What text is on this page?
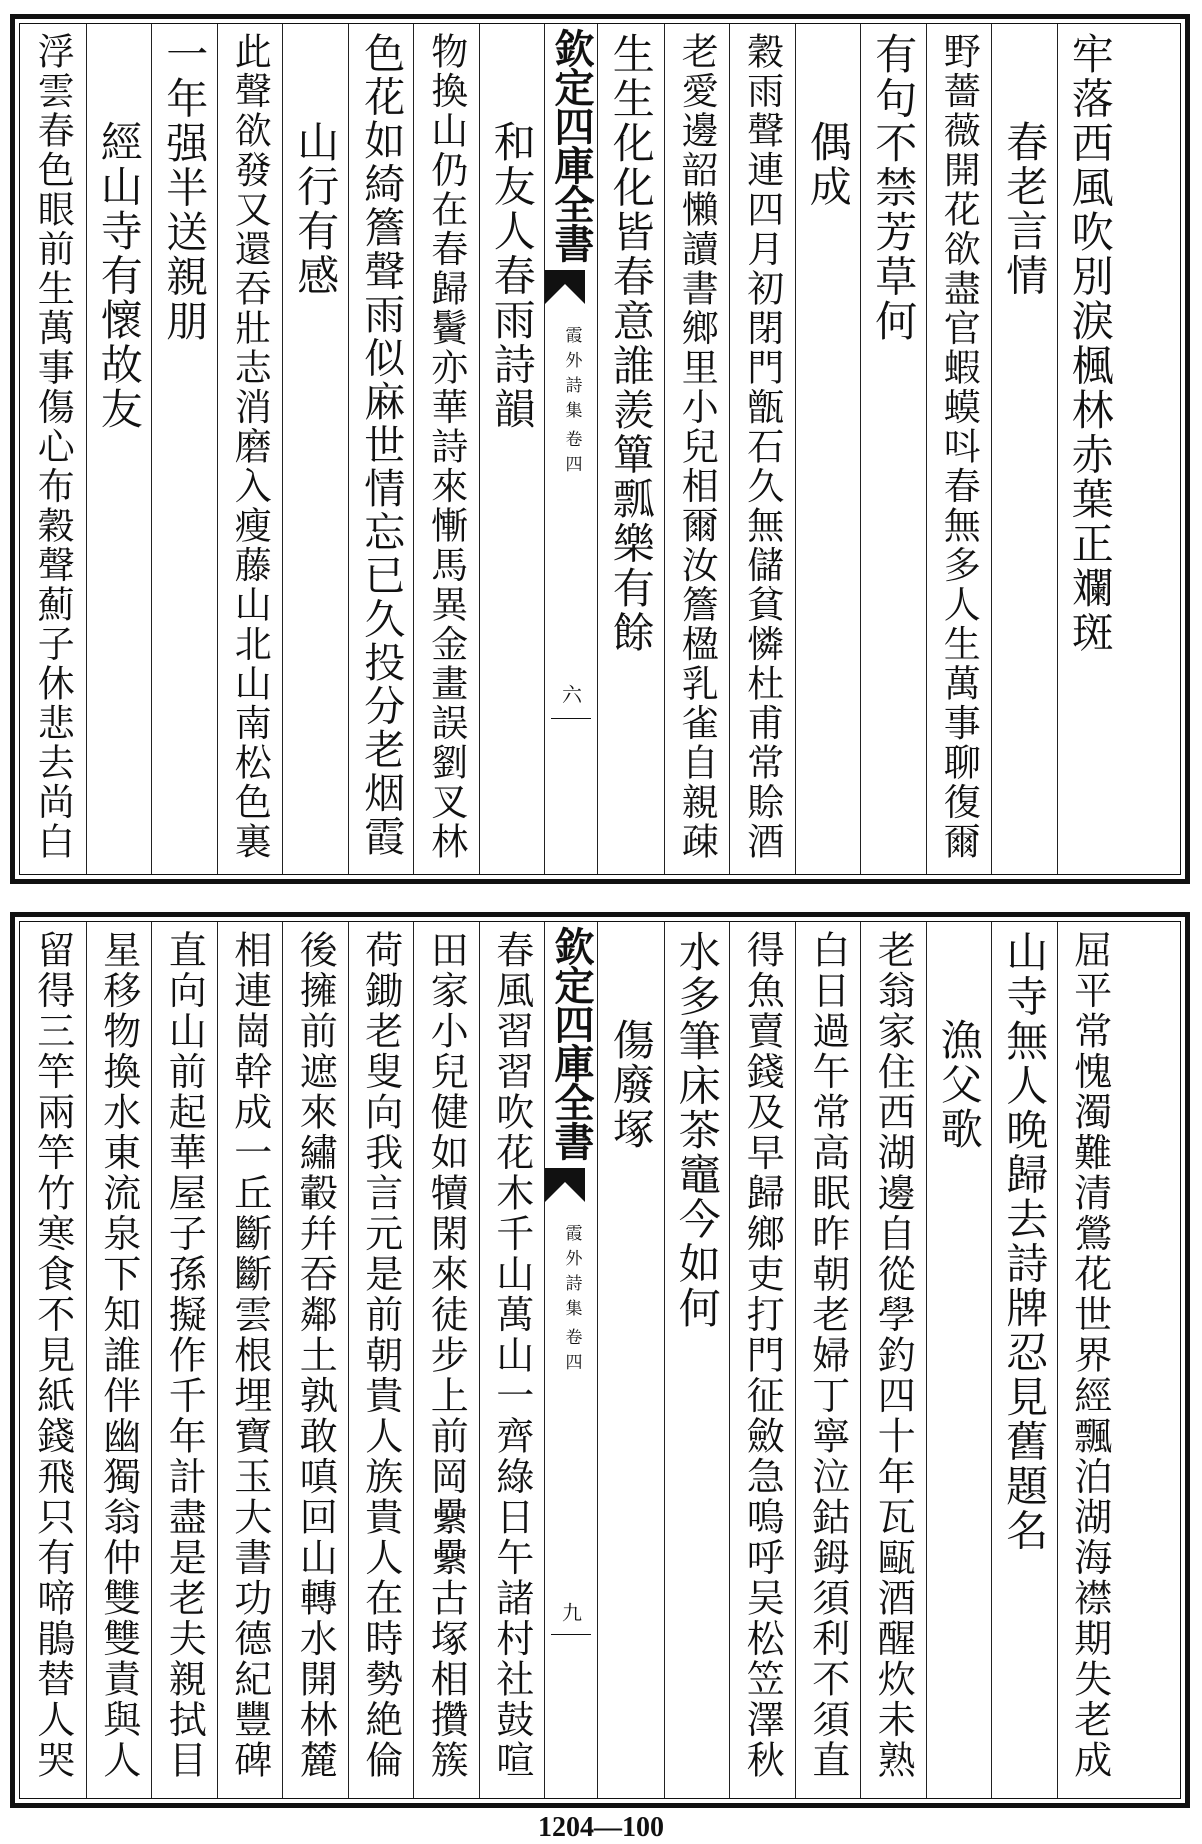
牢落西風吹別淚楓林赤葉正斕斑
春老言情
野薔薇開花欲盡官蝦蟆呌春無多人生萬事聊復爾
有句不禁芳草何
偶成
穀雨聲連四月初閉門甑石久無儲貧憐杜甫常賒酒
老愛邊韶懶讀書鄉里小兒相爾汝簷楹乳雀自親疎
生生化化皆春意誰羨簞瓢樂有餘
欽定四庫全書
霞外詩集
卷四
六
和友人春雨詩韻
物換山仍在春歸鬢亦華詩來慚馬異金畫誤劉叉林
色花如綺簷聲雨似麻世情忘已久投分老烟霞
山行有感
此聲欲發又還吞壯志消磨入瘦藤山北山南松色裏
一年强半送親朋
經山寺有懷故友
浮雲春色眼前生萬事傷心布穀聲薊子休悲去尚白
屈平常愧濁難清鶯花世界經飄泊湖海襟期失老成
山寺無人晚歸去詩牌忍見舊題名
漁父歌
老翁家住西湖邊自從學釣四十年瓦甌酒醒炊未熟
白日過午常高眠昨朝老婦丁寧泣鈷鉧須利不須直
得魚賣錢及早歸鄉吏打門征斂急嗚呼吴松笠澤秋
水多筆床茶竈今如何
傷廢塚
欽定四庫全書
霞外詩集
卷四
九
春風習習吹花木千山萬山一齊綠日午諸村社鼓喧
田家小兒健如犢閑來徒步上前岡纍纍古塚相攢簇
荷鋤老叟向我言元是前朝貴人族貴人在時勢絶倫
後擁前遮來繡轂幷吞鄰土孰敢嗔回山轉水開林麓
相連崗幹成一丘斷斷雲根埋寶玉大書功德紀豐碑
直向山前起華屋子孫擬作千年計盡是老夫親拭目
星移物換水東流泉下知誰伴幽獨翁仲雙雙責與人
留得三竿兩竿竹寒食不見紙錢飛只有啼鵑替人哭
1204—100
